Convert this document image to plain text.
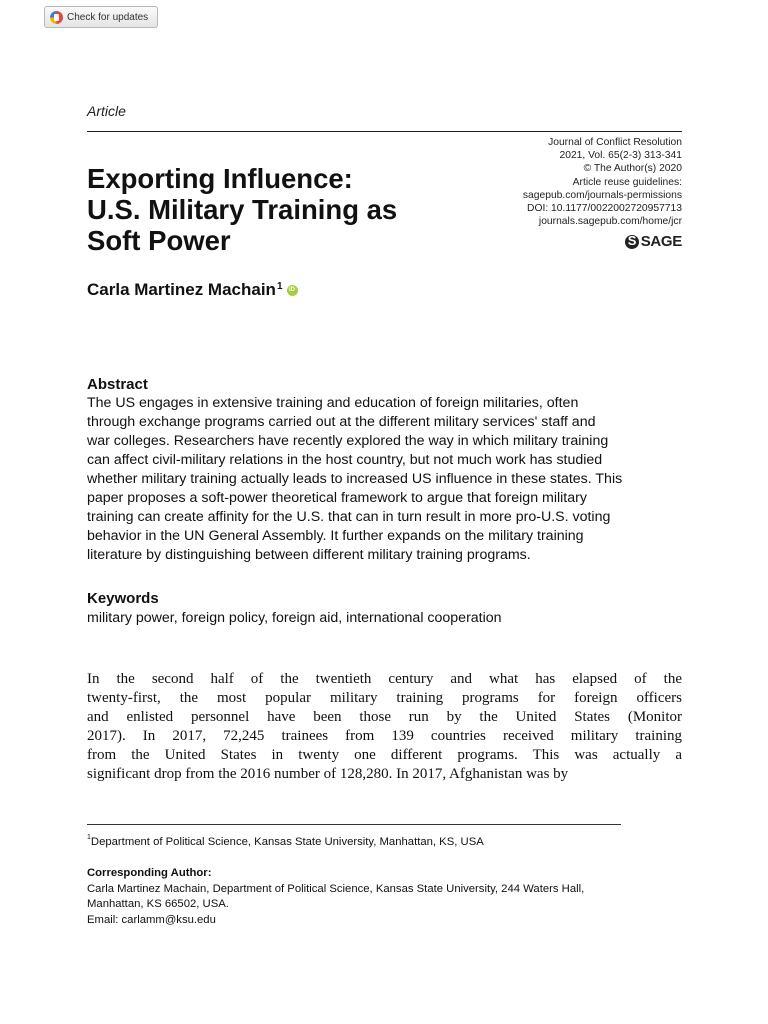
Check for updates
Article
Journal of Conflict Resolution
2021, Vol. 65(2-3) 313-341
© The Author(s) 2020
Article reuse guidelines:
sagepub.com/journals-permissions
DOI: 10.1177/0022002720957713
journals.sagepub.com/home/jcr
S
SAGE
Exporting Influence:
U.S. Military Training as
Soft Power
Carla Martinez Machain$^1$	iD
Abstract
The US engages in extensive training and education of foreign militaries, often
through exchange programs carried out at the different military services' staff and
war colleges. Researchers have recently explored the way in which military training
can affect civil-military relations in the host country, but not much work has studied
whether military training actually leads to increased US influence in these states. This
paper proposes a soft-power theoretical framework to argue that foreign military
training can create affinity for the U.S. that can in turn result in more pro-U.S. voting
behavior in the UN General Assembly. It further expands on the military training
literature by distinguishing between different military training programs.
Keywords
military power, foreign policy, foreign aid, international cooperation
In the second half of the twentieth century and what has elapsed of the
twenty-first, the most popular military training programs for foreign officers
and enlisted personnel have been those run by the United States (Monitor
2017). In 2017, 72,245 trainees from 139 countries received military training
from the United States in twenty one different programs. This was actually a
significant drop from the 2016 number of 128,280. In 2017, Afghanistan was by
$^1$Department of Political Science, Kansas State University, Manhattan, KS, USA
Corresponding Author:
Carla Martinez Machain, Department of Political Science, Kansas State University, 244 Waters Hall,
Manhattan, KS 66502, USA.
Email: carlamm@ksu.edu
